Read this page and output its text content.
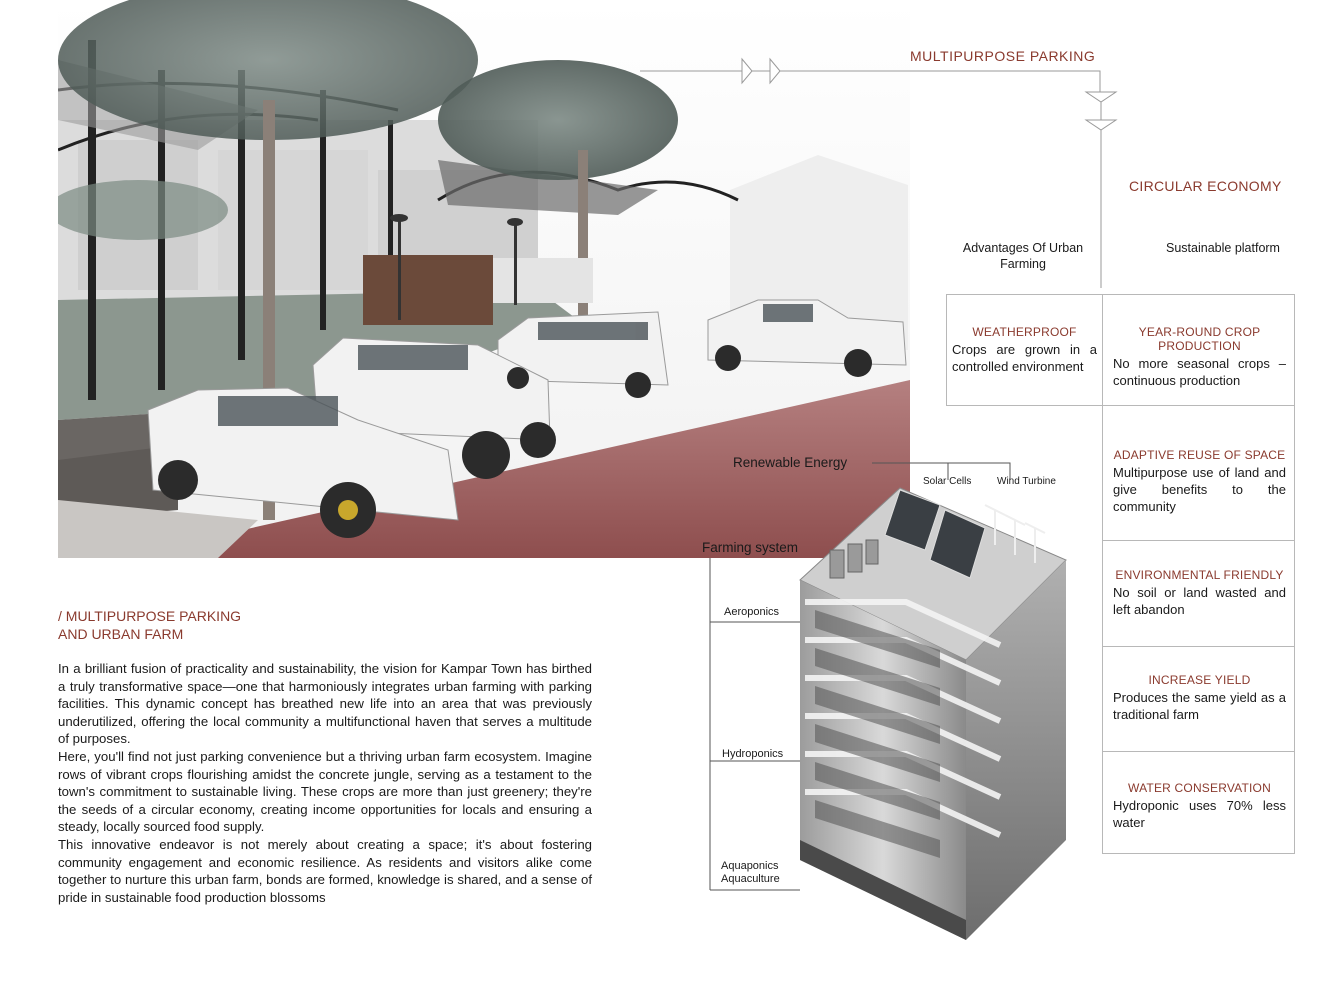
MULTIPURPOSE PARKING
CIRCULAR ECONOMY
Advantages Of Urban Farming
Sustainable platform
WEATHERPROOF
Crops are grown in a controlled environment
YEAR-ROUND CROP PRODUCTION
No more seasonal crops – continuous production
ADAPTIVE REUSE OF SPACE
Multipurpose use of land and give benefits to the community
ENVIRONMENTAL FRIENDLY
No soil or land wasted and left abandon
INCREASE YIELD
Produces the same yield as a traditional farm
WATER CONSERVATION
Hydroponic uses 70% less water
Renewable Energy
Solar Cells	Wind Turbine
Farming system
Aeroponics
Hydroponics
Aquaponics
Aquaculture
/ MULTIPURPOSE PARKING
AND URBAN FARM

In a brilliant fusion of practicality and sustainability, the vision for Kampar Town has birthed a truly transformative space—one that harmoniously integrates urban farming with parking facilities. This dynamic concept has breathed new life into an area that was previously underutilized, offering the local community a multifunctional haven that serves a multitude of purposes.

Here, you'll find not just parking convenience but a thriving urban farm ecosystem. Imagine rows of vibrant crops flourishing amidst the concrete jungle, serving as a testament to the town's commitment to sustainable living. These crops are more than just greenery; they're the seeds of a circular economy, creating income opportunities for locals and ensuring a steady, locally sourced food supply.

This innovative endeavor is not merely about creating a space; it's about fostering community engagement and economic resilience. As residents and visitors alike come together to nurture this urban farm, bonds are formed, knowledge is shared, and a sense of pride in sustainable food production blossoms
